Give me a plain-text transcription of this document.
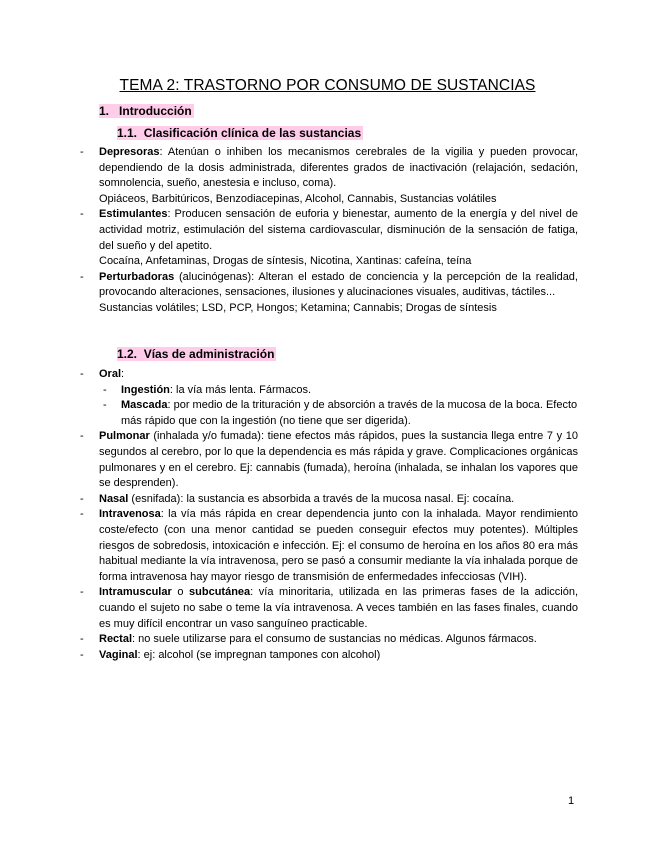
TEMA 2: TRASTORNO POR CONSUMO DE SUSTANCIAS
1. Introducción
1.1. Clasificación clínica de las sustancias
- Depresoras: Atenúan o inhiben los mecanismos cerebrales de la vigilia y pueden provocar, dependiendo de la dosis administrada, diferentes grados de inactivación (relajación, sedación, somnolencia, sueño, anestesia e incluso, coma).
Opiáceos, Barbitúricos, Benzodiacepinas, Alcohol, Cannabis, Sustancias volátiles
- Estimulantes: Producen sensación de euforia y bienestar, aumento de la energía y del nivel de actividad motriz, estimulación del sistema cardiovascular, disminución de la sensación de fatiga, del sueño y del apetito.
Cocaína, Anfetaminas, Drogas de síntesis, Nicotina, Xantinas: cafeína, teína
- Perturbadoras (alucinógenas): Alteran el estado de conciencia y la percepción de la realidad, provocando alteraciones, sensaciones, ilusiones y alucinaciones visuales, auditivas, táctiles...
Sustancias volátiles; LSD, PCP, Hongos; Ketamina; Cannabis; Drogas de síntesis
1.2. Vías de administración
- Oral:
- Ingestión: la vía más lenta. Fármacos.
- Mascada: por medio de la trituración y de absorción a través de la mucosa de la boca. Efecto más rápido que con la ingestión (no tiene que ser digerida).
- Pulmonar (inhalada y/o fumada): tiene efectos más rápidos, pues la sustancia llega entre 7 y 10 segundos al cerebro, por lo que la dependencia es más rápida y grave. Complicaciones orgánicas pulmonares y en el cerebro. Ej: cannabis (fumada), heroína (inhalada, se inhalan los vapores que se desprenden).
- Nasal (esnifada): la sustancia es absorbida a través de la mucosa nasal. Ej: cocaína.
- Intravenosa: la vía más rápida en crear dependencia junto con la inhalada. Mayor rendimiento coste/efecto (con una menor cantidad se pueden conseguir efectos muy potentes). Múltiples riesgos de sobredosis, intoxicación e infección. Ej: el consumo de heroína en los años 80 era más habitual mediante la vía intravenosa, pero se pasó a consumir mediante la vía inhalada porque de forma intravenosa hay mayor riesgo de transmisión de enfermedades infecciosas (VIH).
- Intramuscular o subcutánea: vía minoritaria, utilizada en las primeras fases de la adicción, cuando el sujeto no sabe o teme la vía intravenosa. A veces también en las fases finales, cuando es muy difícil encontrar un vaso sanguíneo practicable.
- Rectal: no suele utilizarse para el consumo de sustancias no médicas. Algunos fármacos.
- Vaginal: ej: alcohol (se impregnan tampones con alcohol)
1
